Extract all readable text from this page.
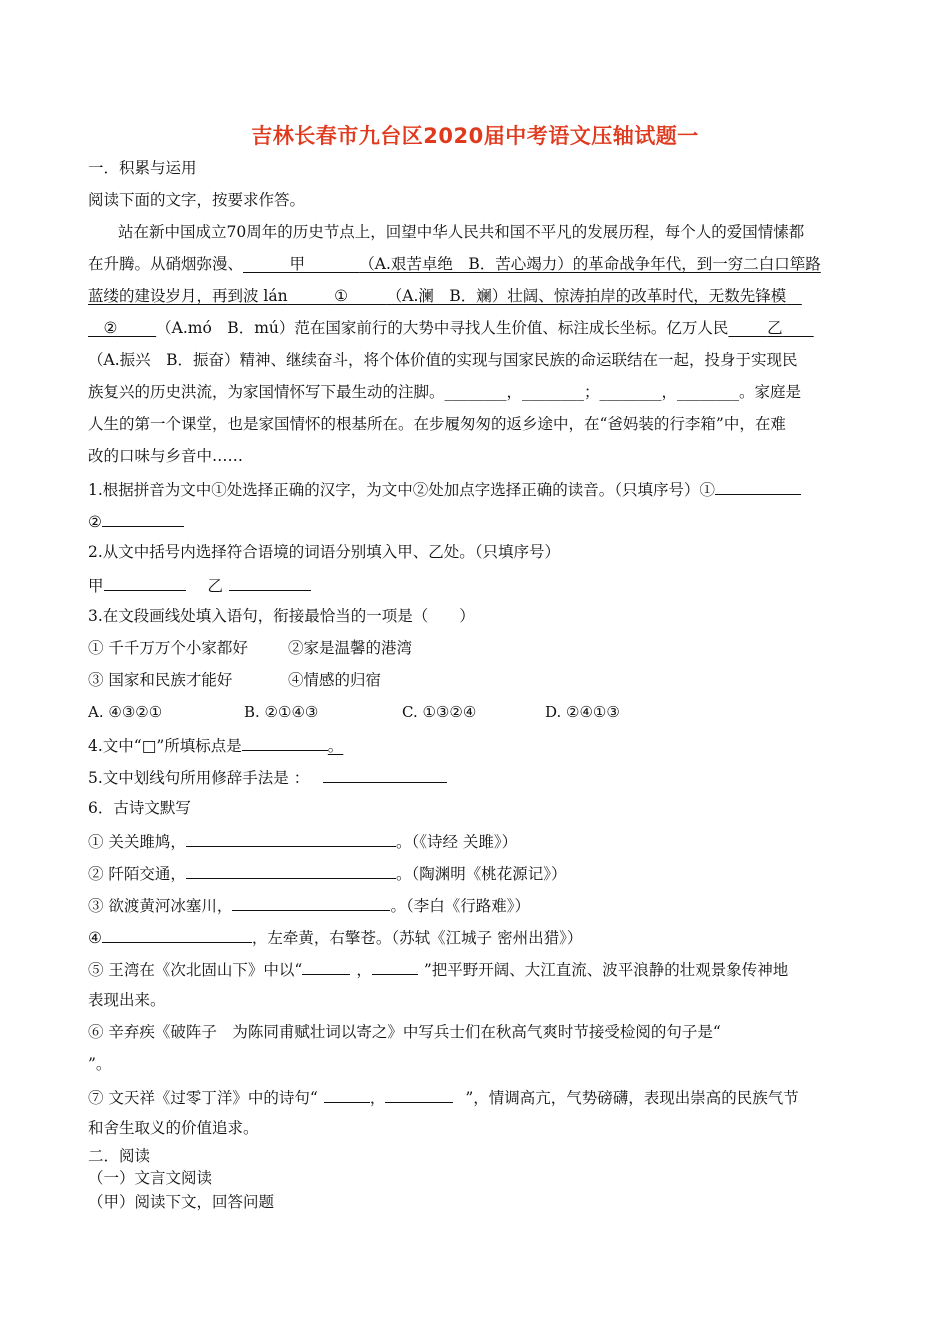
吉林长春市九台区2020届中考语文压轴试题一
一．积累与运用
阅读下面的文字，按要求作答。
站在新中国成立70周年的历史节点上，回望中华人民共和国不平凡的发展历程，每个人的爱国情愫都
在升腾。从硝烟弥漫、   	甲    	（A.艰苦卓绝　B．苦心竭力）的革命战争年代，到一穷二白口筚路
蓝缕的建设岁月，再到波 lán   	①   	（A.澜　B．斓）壮阔、惊涛拍岸的改革时代，无数先锋模 
  ②   	（A.mó　B．mú）范在国家前行的大势中寻找人生价值、标注成长坐标。亿万人民   	乙  
（A.振兴　B．振奋）精神、继续奋斗，将个体价值的实现与国家民族的命运联结在一起，投身于实现民
族复兴的历史洪流，为家国情怀写下最生动的注脚。________，________；________，________。家庭是
人生的第一个课堂，也是家国情怀的根基所在。在步履匆匆的返乡途中，在“爸妈装的行李箱”中，在难
改的口味与乡音中……
1.根据拼音为文中①处选择正确的汉字，为文中②处加点字选择正确的读音。（只填序号）①
②
2.从文中括号内选择符合语境的词语分别填入甲、乙处。（只填序号）
甲	乙
3.在文段画线处填入语句，衔接最恰当的一项是（　　）
① 千千万万个小家都好	②家是温馨的港湾
③ 国家和民族才能好	④情感的归宿
A. ④③②①	B. ②①④③	C. ①③②④	D. ②④①③
4.文中“□”所填标点是	。
5.文中划线句所用修辞手法是 ：
6．古诗文默写
① 关关雎鸠，	。（《诗经 关雎》）
② 阡陌交通，	。（陶渊明《桃花源记》）
③ 欲渡黄河冰塞川，	。（李白《行路难》）
④	，左牵黄，右擎苍。（苏轼《江城子 密州出猎》）
⑤ 王湾在《次北固山下》中以“	，	”把平野开阔、大江直流、波平浪静的壮观景象传神地
表现出来。
⑥ 辛弃疾《破阵子　为陈同甫赋壮词以寄之》中写兵士们在秋高气爽时节接受检阅的句子是“
”。
⑦ 文天祥《过零丁洋》中的诗句“	，	”，情调高亢，气势磅礴，表现出崇高的民族气节
和舍生取义的价值追求。
二．阅读
（一）文言文阅读
（甲）阅读下文，回答问题
